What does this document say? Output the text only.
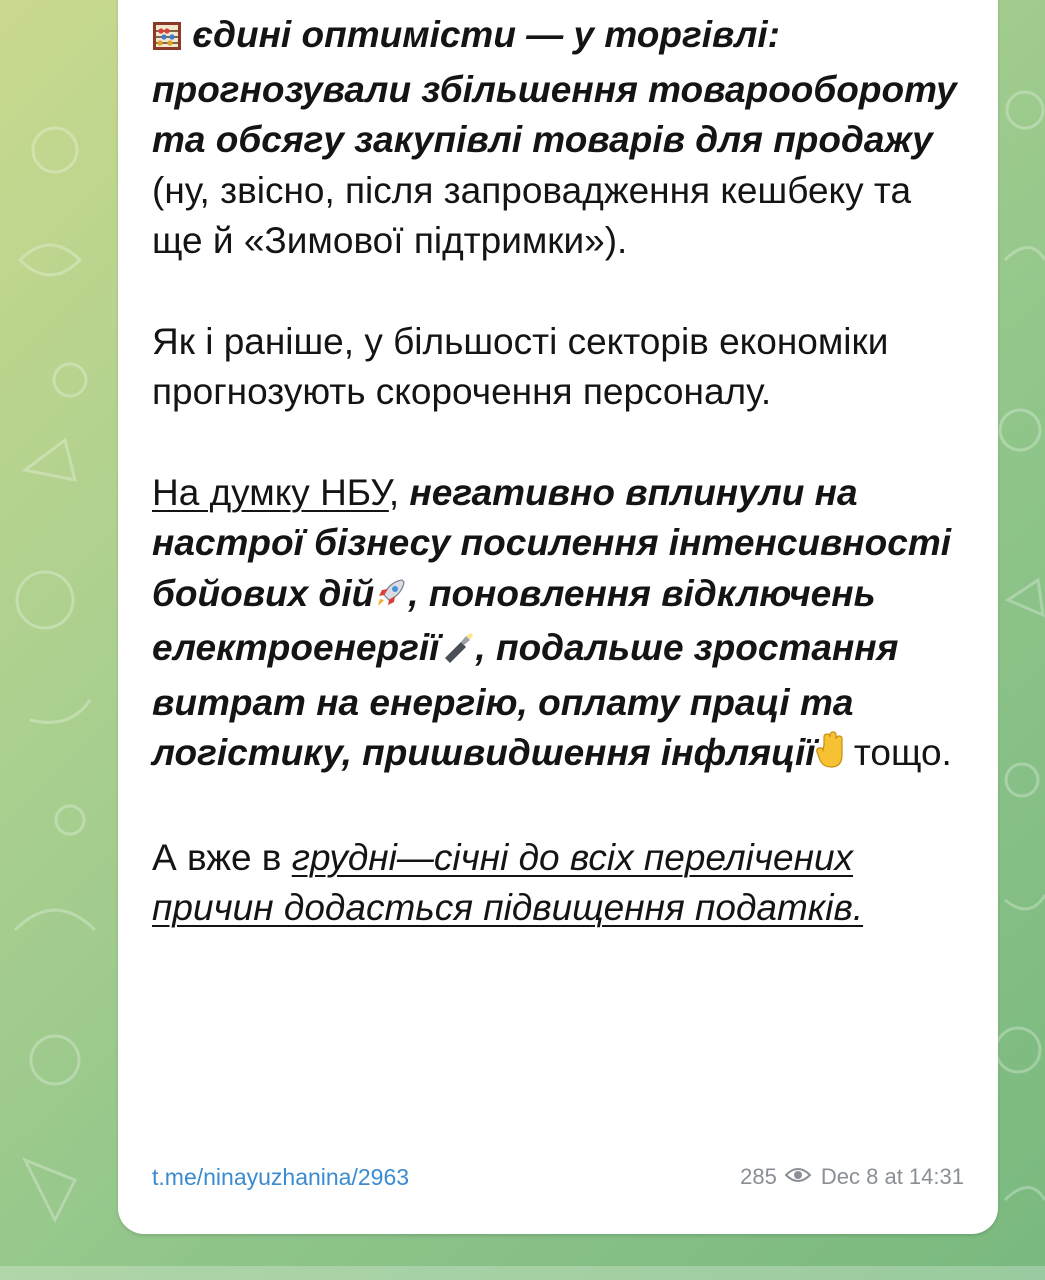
єдині оптимісти — у торгівлі: прогнозували збільшення товарообороту та обсягу закупівлі товарів для продажу (ну, звісно, після запровадження кешбеку та ще й «Зимової підтримки»).

Як і раніше, у більшості секторів економіки прогнозують скорочення персоналу.

На думку НБУ, негативно вплинули на настрої бізнесу посилення інтенсивності бойових дій , поновлення відключень електроенергії , подальше зростання витрат на енергію, оплату праці та логістику, пришвидшення інфляції тощо.

А вже в грудні—січні до всіх перелічених причин додасться підвищення податків.

t.me/ninayuzhanina/2963	285 Dec 8 at 14:31
